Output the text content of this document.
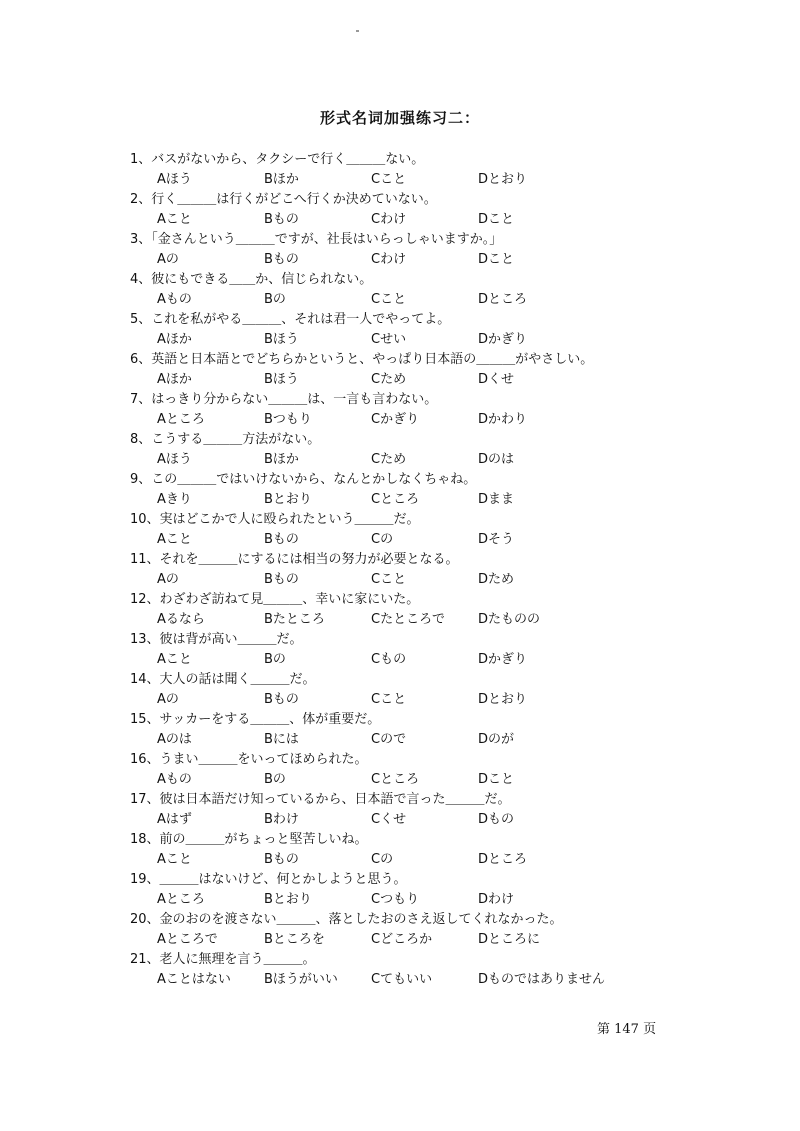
形式名词加强练习二：
1、バスがないから、タクシーで行く＿＿＿ない。
Aほう	Bほか	Cこと	Dとおり
2、行く＿＿＿は行くがどこへ行くか決めていない。
Aこと	Bもの	Cわけ	Dこと
3、「金さんという＿＿＿ですが、社長はいらっしゃいますか。」
Aの	Bもの	Cわけ	Dこと
4、彼にもできる＿＿か、信じられない。
Aもの	Bの	Cこと	Dところ
5、これを私がやる＿＿＿、それは君一人でやってよ。
Aほか	Bほう	Cせい	Dかぎり
6、英語と日本語とでどちらかというと、やっぱり日本語の＿＿＿がやさしい。
Aほか	Bほう	Cため	Dくせ
7、はっきり分からない＿＿＿は、一言も言わない。
Aところ	Bつもり	Cかぎり	Dかわり
8、こうする＿＿＿方法がない。
Aほう	Bほか	Cため	Dのは
9、この＿＿＿ではいけないから、なんとかしなくちゃね。
Aきり	Bとおり	Cところ	Dまま
10、実はどこかで人に殴られたという＿＿＿だ。
Aこと	Bもの	Cの	Dそう
11、それを＿＿＿にするには相当の努力が必要となる。
Aの	Bもの	Cこと	Dため
12、わざわざ訪ねて見＿＿＿、幸いに家にいた。
Aるなら	Bたところ	Cたところで	Dたものの
13、彼は背が高い＿＿＿だ。
Aこと	Bの	Cもの	Dかぎり
14、大人の話は聞く＿＿＿だ。
Aの	Bもの	Cこと	Dとおり
15、サッカーをする＿＿＿、体が重要だ。
Aのは	Bには	Cので	Dのが
16、うまい＿＿＿をいってほめられた。
Aもの	Bの	Cところ	Dこと
17、彼は日本語だけ知っているから、日本語で言った＿＿＿だ。
Aはず	Bわけ	Cくせ	Dもの
18、前の＿＿＿がちょっと堅苦しいね。
Aこと	Bもの	Cの	Dところ
19、＿＿＿はないけど、何とかしようと思う。
Aところ	Bとおり	Cつもり	Dわけ
20、金のおのを渡さない＿＿＿、落としたおのさえ返してくれなかった。
Aところで	Bところを	Cどころか	Dところに
21、老人に無理を言う＿＿＿。
Aことはない	Bほうがいい	Cてもいい	Dものではありません
第 147 页
